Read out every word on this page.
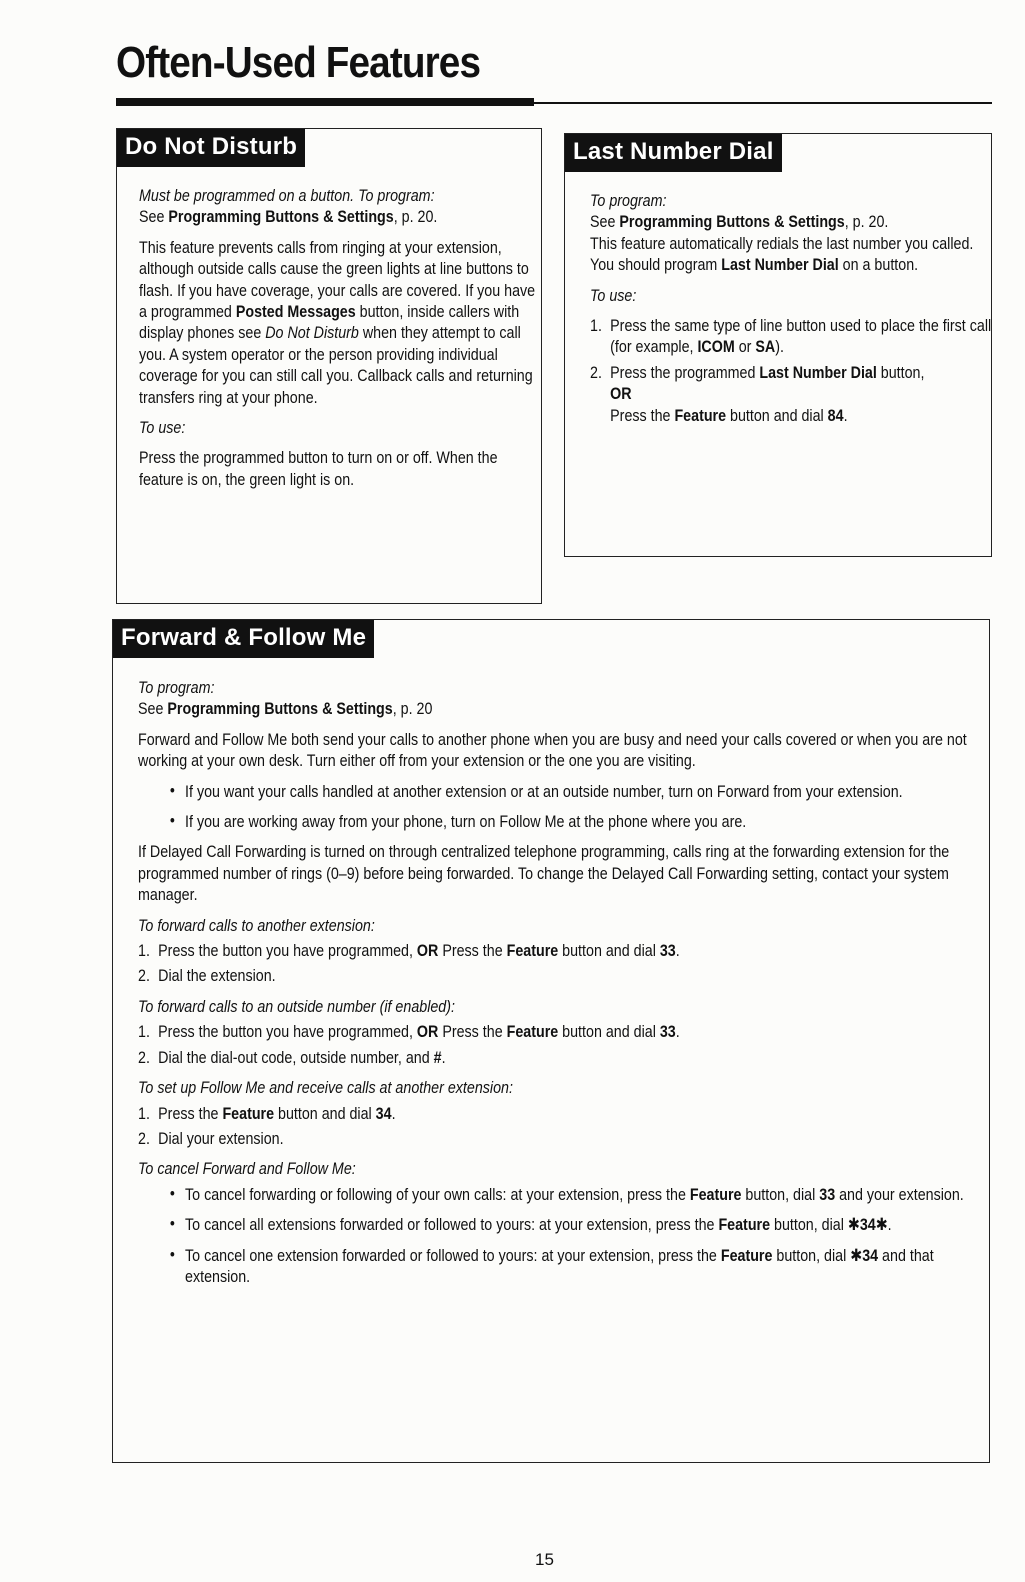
Often-Used Features
Do Not Disturb

Must be programmed on a button. To program:

See Programming Buttons & Settings, p. 20.

This feature prevents calls from ringing at your extension, although outside calls cause the green lights at line buttons to flash. If you have coverage, your calls are covered. If you have a programmed Posted Messages button, inside callers with display phones see Do Not Disturb when they attempt to call you. A system operator or the person providing individual coverage for you can still call you. Callback calls and returning transfers ring at your phone.

To use:

Press the programmed button to turn on or off. When the feature is on, the green light is on.

Last Number Dial

To program:

See Programming Buttons & Settings, p. 20.

This feature automatically redials the last number you called. You should program Last Number Dial on a button.

To use:

1. Press the same type of line button used to place the first call (for example, ICOM or SA).
2. Press the programmed Last Number Dial button,
OR
Press the Feature button and dial 84.
Forward & Follow Me

To program:

See Programming Buttons & Settings, p. 20

Forward and Follow Me both send your calls to another phone when you are busy and need your calls covered or when you are not working at your own desk. Turn either off from your extension or the one you are visiting.

• If you want your calls handled at another extension or at an outside number, turn on Forward from your extension.
• If you are working away from your phone, turn on Follow Me at the phone where you are.

If Delayed Call Forwarding is turned on through centralized telephone programming, calls ring at the forwarding extension for the programmed number of rings (0–9) before being forwarded. To change the Delayed Call Forwarding setting, contact your system manager.

To forward calls to another extension:

1. Press the button you have programmed, OR Press the Feature button and dial 33.
2. Dial the extension.

To forward calls to an outside number (if enabled):

1. Press the button you have programmed, OR Press the Feature button and dial 33.
2. Dial the dial-out code, outside number, and #.

To set up Follow Me and receive calls at another extension:

1. Press the Feature button and dial 34.
2. Dial your extension.

To cancel Forward and Follow Me:

• To cancel forwarding or following of your own calls: at your extension, press the Feature button, dial 33 and your extension.
• To cancel all extensions forwarded or followed to yours: at your extension, press the Feature button, dial ✱34✱.
• To cancel one extension forwarded or followed to yours: at your extension, press the Feature button, dial ✱34 and that extension.
15
